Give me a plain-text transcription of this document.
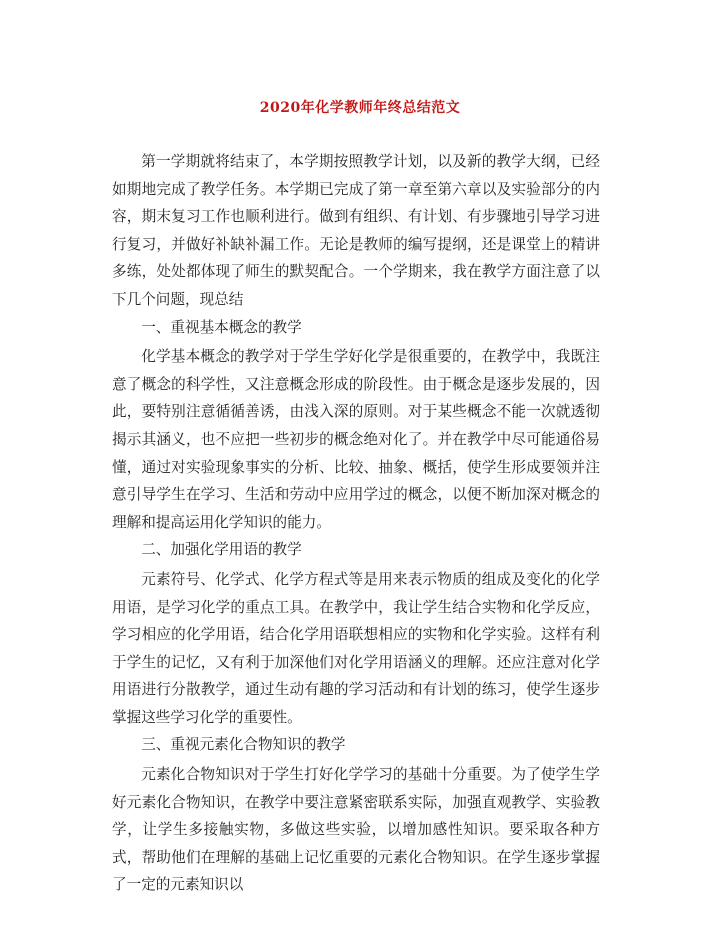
2020年化学教师年终总结范文

第一学期就将结束了，本学期按照教学计划，以及新的教学大纲，已经如期地完成了教学任务。本学期已完成了第一章至第六章以及实验部分的内容，期末复习工作也顺利进行。做到有组织、有计划、有步骤地引导学习进行复习，并做好补缺补漏工作。无论是教师的编写提纲，还是课堂上的精讲多练，处处都体现了师生的默契配合。一个学期来，我在教学方面注意了以下几个问题，现总结

一、重视基本概念的教学

化学基本概念的教学对于学生学好化学是很重要的，在教学中，我既注意了概念的科学性，又注意概念形成的阶段性。由于概念是逐步发展的，因此，要特别注意循循善诱，由浅入深的原则。对于某些概念不能一次就透彻揭示其涵义，也不应把一些初步的概念绝对化了。并在教学中尽可能通俗易懂，通过对实验现象事实的分析、比较、抽象、概括，使学生形成要领并注意引导学生在学习、生活和劳动中应用学过的概念，以便不断加深对概念的理解和提高运用化学知识的能力。

二、加强化学用语的教学

元素符号、化学式、化学方程式等是用来表示物质的组成及变化的化学用语，是学习化学的重点工具。在教学中，我让学生结合实物和化学反应，学习相应的化学用语，结合化学用语联想相应的实物和化学实验。这样有利于学生的记忆，又有利于加深他们对化学用语涵义的理解。还应注意对化学用语进行分散教学，通过生动有趣的学习活动和有计划的练习，使学生逐步掌握这些学习化学的重要性。

三、重视元素化合物知识的教学

元素化合物知识对于学生打好化学学习的基础十分重要。为了使学生学好元素化合物知识，在教学中要注意紧密联系实际，加强直观教学、实验教学，让学生多接触实物，多做这些实验，以增加感性知识。要采取各种方式，帮助他们在理解的基础上记忆重要的元素化合物知识。在学生逐步掌握了一定的元素知识以
